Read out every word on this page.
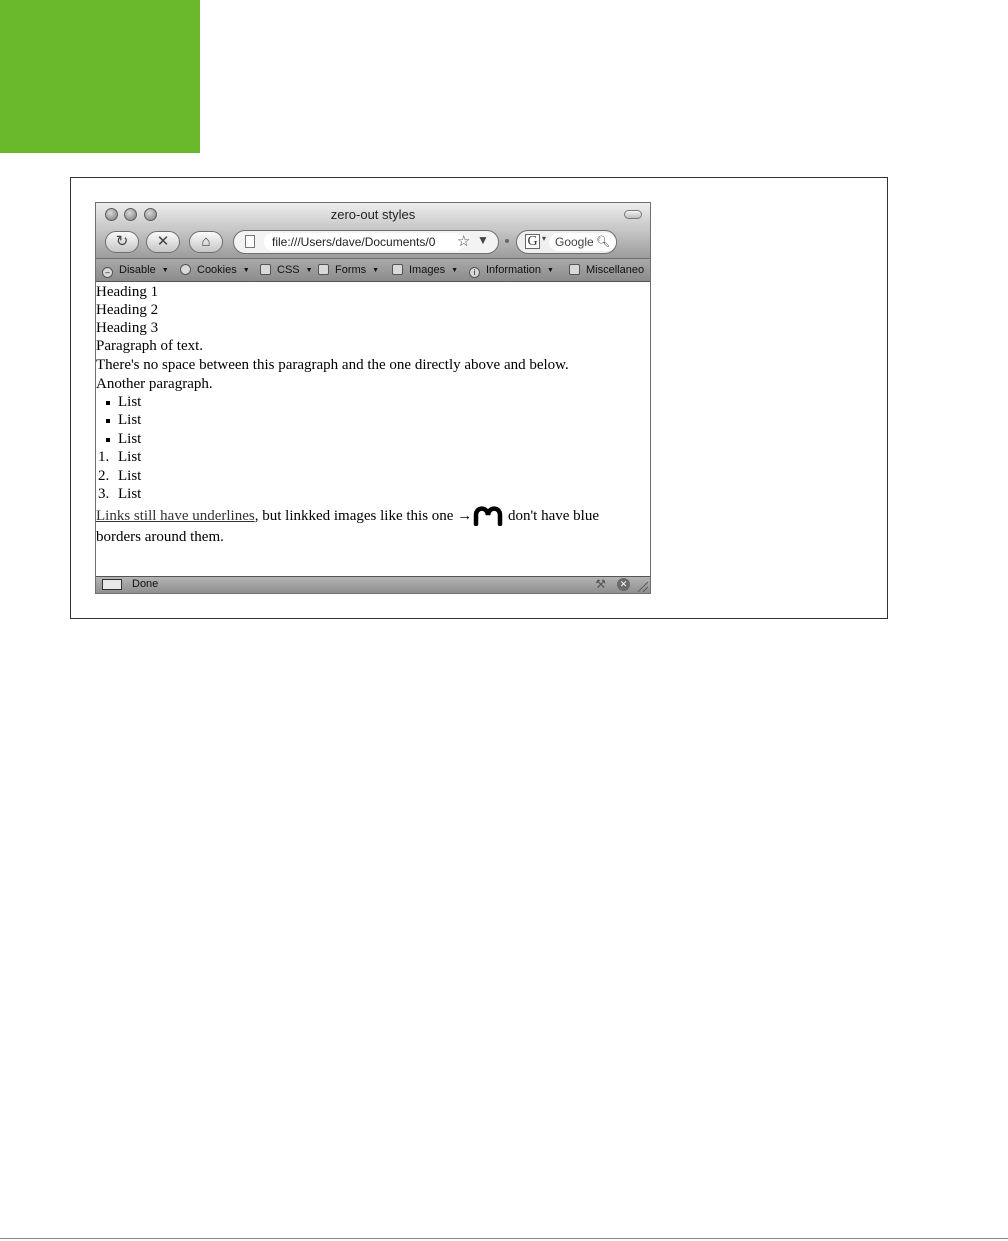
zero-out styles
↻	✕	⌂	file:///Users/dave/Documents/0	☆ ▼	G ▾ Google 🔍︎
– Disable ▼	Cookies ▼	CSS ▼	Forms ▼	Images ▼	i Information ▼	Miscellaneo
Heading 1
Heading 2
Heading 3
Paragraph of text.
There's no space between this paragraph and the one directly above and below.
Another paragraph.
List
List
List
1. List
2. List
3. List
Links still have underlines, but linkked images like this one → don't have blue
borders around them.
Done	⚒	✕
